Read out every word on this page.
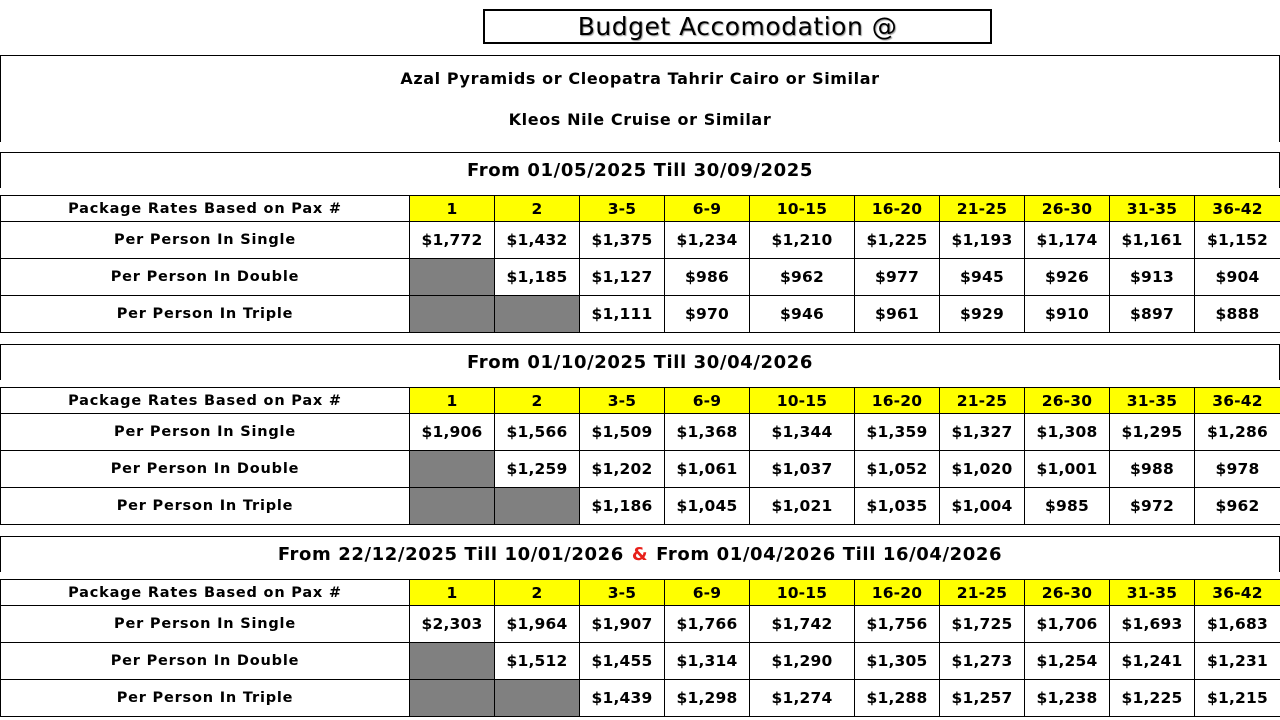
Budget Accomodation @
Azal Pyramids or Cleopatra Tahrir Cairo or Similar
Kleos Nile Cruise or Similar
From 01/05/2025 Till 30/09/2025
Package Rates Based on Pax #	1	2	3-5	6-9	10-15	16-20	21-25	26-30	31-35	36-42
Per Person In Single	$1,772	$1,432	$1,375	$1,234	$1,210	$1,225	$1,193	$1,174	$1,161	$1,152
Per Person In Double		$1,185	$1,127	$986	$962	$977	$945	$926	$913	$904
Per Person In Triple			$1,111	$970	$946	$961	$929	$910	$897	$888
From 01/10/2025 Till 30/04/2026
Package Rates Based on Pax #	1	2	3-5	6-9	10-15	16-20	21-25	26-30	31-35	36-42
Per Person In Single	$1,906	$1,566	$1,509	$1,368	$1,344	$1,359	$1,327	$1,308	$1,295	$1,286
Per Person In Double		$1,259	$1,202	$1,061	$1,037	$1,052	$1,020	$1,001	$988	$978
Per Person In Triple			$1,186	$1,045	$1,021	$1,035	$1,004	$985	$972	$962
From 22/12/2025 Till 10/01/2026 & From 01/04/2026 Till 16/04/2026
Package Rates Based on Pax #	1	2	3-5	6-9	10-15	16-20	21-25	26-30	31-35	36-42
Per Person In Single	$2,303	$1,964	$1,907	$1,766	$1,742	$1,756	$1,725	$1,706	$1,693	$1,683
Per Person In Double		$1,512	$1,455	$1,314	$1,290	$1,305	$1,273	$1,254	$1,241	$1,231
Per Person In Triple			$1,439	$1,298	$1,274	$1,288	$1,257	$1,238	$1,225	$1,215
